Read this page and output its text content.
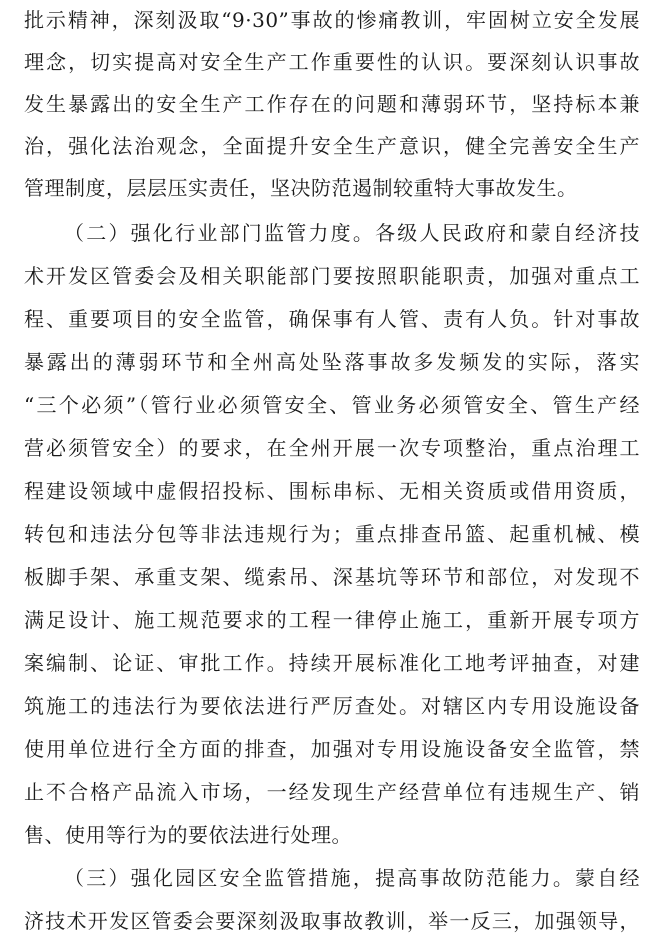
批示精神，深刻汲取“9·30”事故的惨痛教训，牢固树立安全发展
理念，切实提高对安全生产工作重要性的认识。要深刻认识事故
发生暴露出的安全生产工作存在的问题和薄弱环节，坚持标本兼
治，强化法治观念，全面提升安全生产意识，健全完善安全生产
管理制度，层层压实责任，坚决防范遏制较重特大事故发生。
（二）强化行业部门监管力度。各级人民政府和蒙自经济技
术开发区管委会及相关职能部门要按照职能职责，加强对重点工
程、重要项目的安全监管，确保事有人管、责有人负。针对事故
暴露出的薄弱环节和全州高处坠落事故多发频发的实际，落实
“三个必须”（管行业必须管安全、管业务必须管安全、管生产经
营必须管安全）的要求，在全州开展一次专项整治，重点治理工
程建设领域中虚假招投标、围标串标、无相关资质或借用资质，
转包和违法分包等非法违规行为；重点排查吊篮、起重机械、模
板脚手架、承重支架、缆索吊、深基坑等环节和部位，对发现不
满足设计、施工规范要求的工程一律停止施工，重新开展专项方
案编制、论证、审批工作。持续开展标准化工地考评抽查，对建
筑施工的违法行为要依法进行严厉查处。对辖区内专用设施设备
使用单位进行全方面的排查，加强对专用设施设备安全监管，禁
止不合格产品流入市场，一经发现生产经营单位有违规生产、销
售、使用等行为的要依法进行处理。
（三）强化园区安全监管措施，提高事故防范能力。蒙自经
济技术开发区管委会要深刻汲取事故教训，举一反三，加强领导，
